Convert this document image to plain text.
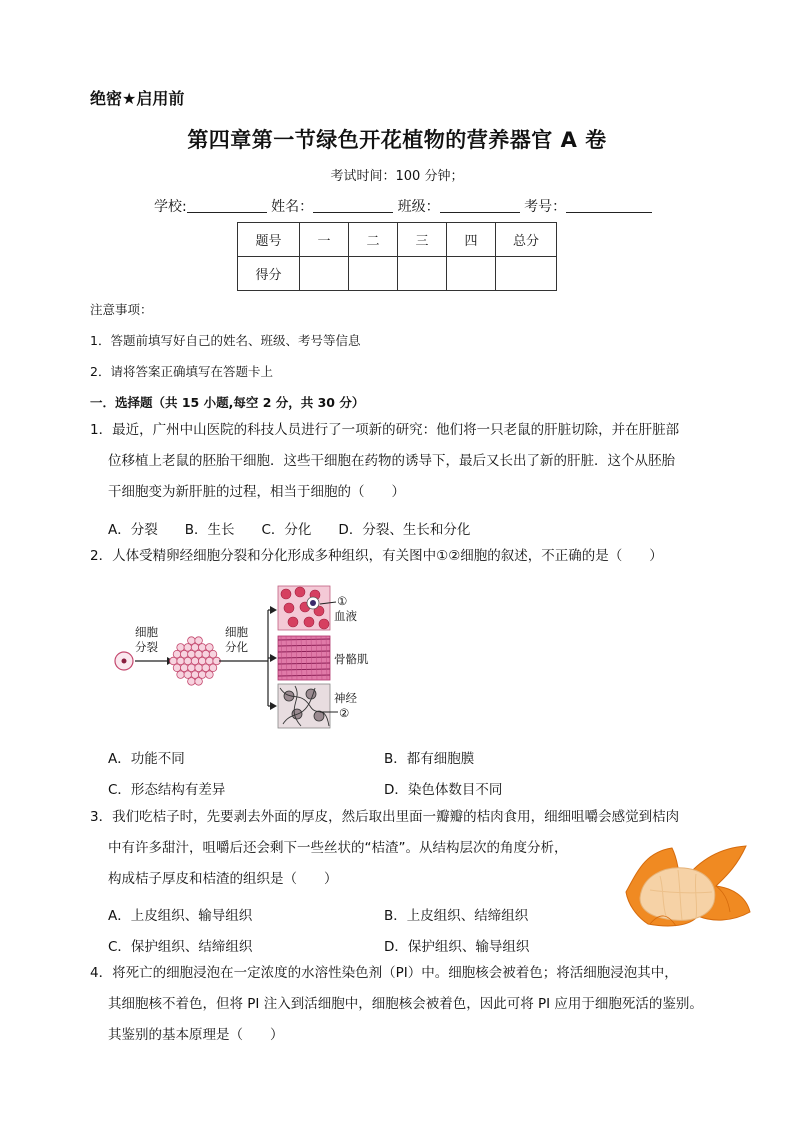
绝密★启用前
第四章第一节绿色开花植物的营养器官 A 卷
考试时间：100 分钟；
学校:	姓名：	班级：	考号：
题号	一	二	三	四	总分
得分					
注意事项：
1．答题前填写好自己的姓名、班级、考号等信息
2．请将答案正确填写在答题卡上
一．选择题（共 15 小题,每空 2 分，共 30 分）
1．最近，广州中山医院的科技人员进行了一项新的研究：他们将一只老鼠的肝脏切除，并在肝脏部
位移植上老鼠的胚胎干细胞．这些干细胞在药物的诱导下，最后又长出了新的肝脏．这个从胚胎
干细胞变为新肝脏的过程，相当于细胞的（　　）
A．分裂　　B．生长　　C．分化　　D．分裂、生长和分化
2．人体受精卵经细胞分裂和分化形成多种组织，有关图中①②细胞的叙述，不正确的是（　　）
细胞
分裂
细胞
分化
①
血液
骨骼肌
神经
②
A．功能不同	B．都有细胞膜
C．形态结构有差异	D．染色体数目不同
3．我们吃桔子时，先要剥去外面的厚皮，然后取出里面一瓣瓣的桔肉食用，细细咀嚼会感觉到桔肉
中有许多甜汁，咀嚼后还会剩下一些丝状的“桔渣”。从结构层次的角度分析，
构成桔子厚皮和桔渣的组织是（　　）
A．上皮组织、输导组织	B．上皮组织、结缔组织
C．保护组织、结缔组织	D．保护组织、输导组织
4．将死亡的细胞浸泡在一定浓度的水溶性染色剂（PI）中。细胞核会被着色；将活细胞浸泡其中，
其细胞核不着色，但将 PI 注入到活细胞中，细胞核会被着色，因此可将 PI 应用于细胞死活的鉴别。
其鉴别的基本原理是（　　）
